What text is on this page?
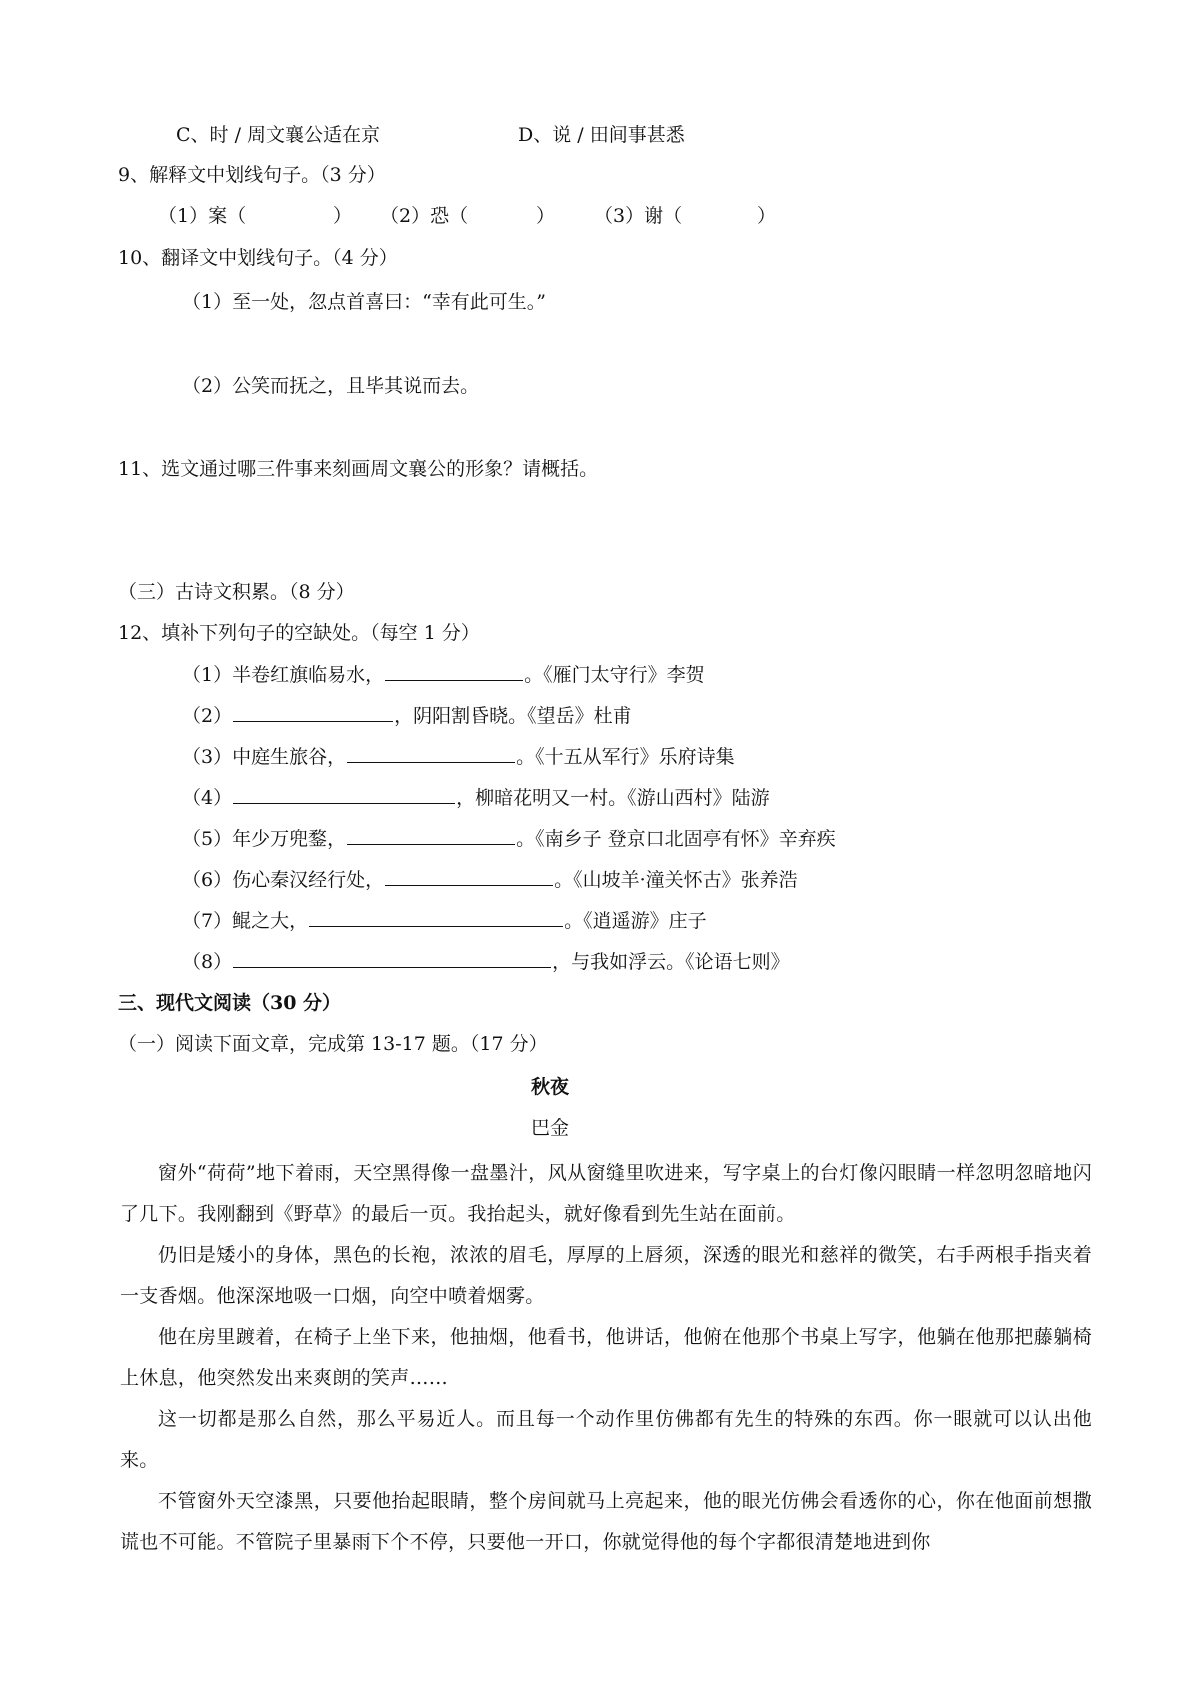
C、时 / 周文襄公适在京	D、说 / 田间事甚悉
9、解释文中划线句子。（3 分）
（1）案（	） （2）恐（	） （3）谢（	）
10、翻译文中划线句子。（4 分）
（1）至一处，忽点首喜曰：“幸有此可生。”
（2）公笑而抚之，且毕其说而去。
11、选文通过哪三件事来刻画周文襄公的形象？请概括。
（三）古诗文积累。（8 分）
12、填补下列句子的空缺处。（每空 1 分）
（1）半卷红旗临易水，	。《雁门太守行》李贺
（2）	，阴阳割昏晓。《望岳》杜甫
（3）中庭生旅谷，	。《十五从军行》乐府诗集
（4）	，柳暗花明又一村。《游山西村》陆游
（5）年少万兜鍪，	。《南乡子 登京口北固亭有怀》辛弃疾
（6）伤心秦汉经行处，	。《山坡羊·潼关怀古》张养浩
（7）鲲之大，	。《逍遥游》庄子
（8）	，与我如浮云。《论语七则》
三、现代文阅读（30 分）
（一）阅读下面文章，完成第 13-17 题。（17 分）
秋夜
巴金
窗外“荷荷”地下着雨，天空黑得像一盘墨汁，风从窗缝里吹进来，写字桌上的台灯像闪眼睛一样忽明忽暗地闪了几下。我刚翻到《野草》的最后一页。我抬起头，就好像看到先生站在面前。
仍旧是矮小的身体，黑色的长袍，浓浓的眉毛，厚厚的上唇须，深透的眼光和慈祥的微笑，右手两根手指夹着一支香烟。他深深地吸一口烟，向空中喷着烟雾。
他在房里踱着，在椅子上坐下来，他抽烟，他看书，他讲话，他俯在他那个书桌上写字，他躺在他那把藤躺椅上休息，他突然发出来爽朗的笑声……
这一切都是那么自然，那么平易近人。而且每一个动作里仿佛都有先生的特殊的东西。你一眼就可以认出他来。
不管窗外天空漆黑，只要他抬起眼睛，整个房间就马上亮起来，他的眼光仿佛会看透你的心，你在他面前想撒谎也不可能。不管院子里暴雨下个不停，只要他一开口，你就觉得他的每个字都很清楚地进到你
